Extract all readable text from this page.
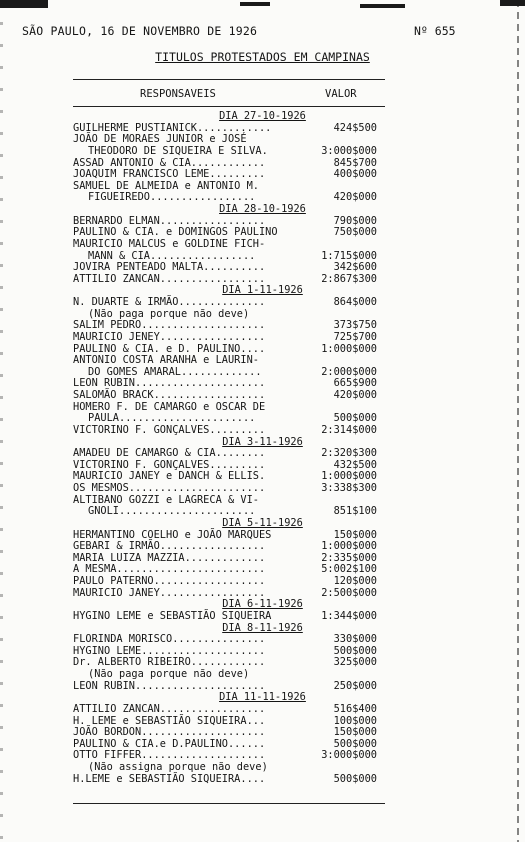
SÃO PAULO, 16 DE NOVEMBRO DE 1926	Nº 655
TITULOS PROTESTADOS EM CAMPINAS
RESPONSAVEIS	VALOR
DIA 27-10-1926
GUILHERME PUSTIANICK............	424$500
JOÃO DE MORAES JUNIOR e JOSÉ
THEODORO DE SIQUEIRA E SILVA.	3:000$000
ASSAD ANTONIO & CIA............	845$700
JOAQUIM FRANCISCO LEME.........	400$000
SAMUEL DE ALMEIDA e ANTONIO M.
FIGUEIREDO.................	420$000
DIA 28-10-1926
BERNARDO ELMAN.................	790$000
PAULINO & CIA. e DOMINGOS PAULINO	750$000
MAURICIO MALCUS e GOLDINE FICH-
MANN & CIA.................	1:715$000
JOVIRA PENTEADO MALTA..........	342$600
ATTILIO ZANCAN.................	2:867$300
DIA 1-11-1926
N. DUARTE & IRMÃO..............	864$000
(Não paga porque não deve)
SALIM PEDRO....................	373$750
MAURICIO JENEY.................	725$700
PAULINO & CIA. e D. PAULINO....	1:000$000
ANTONIO COSTA ARANHA e LAURIN-
DO GOMES AMARAL.............	2:000$000
LEON RUBIN.....................	665$900
SALOMÃO BRACK..................	420$000
HOMERO F. DE CAMARGO e OSCAR DE
PAULA......................	500$000
VICTORINO F. GONÇALVES.........	2:314$000
DIA 3-11-1926
AMADEU DE CAMARGO & CIA........	2:320$300
VICTORINO F. GONÇALVES.........	432$500
MAURICIO JANEY e DANCH & ELLIS.	1:000$000
OS MESMOS......................	3:338$300
ALTIBANO GOZZI e LAGRECA & VI-
GNOLI......................	851$100
DIA 5-11-1926
HERMANTINO COELHO e JOÃO MARQUES	150$000
GEBARI & IRMÃO.................	1:000$000
MARIA LUIZA MAZZIA.............	2:335$000
A MESMA........................	5:002$100
PAULO PATERNO..................	120$000
MAURICIO JANEY.................	2:500$000
DIA 6-11-1926
HYGINO LEME e SEBASTIÃO SIQUEIRA	1:344$000
DIA 8-11-1926
FLORINDA MORISCO...............	330$000
HYGINO LEME....................	500$000
Dr. ALBERTO RIBEIRO............	325$000
(Não paga porque não deve)
LEON RUBIN.....................	250$000
DIA 11-11-1926
ATTILIO ZANCAN.................	516$400
H. LEME e SEBASTIÃO SIQUEIRA...	100$000
JOÃO BORDON....................	150$000
PAULINO & CIA.e D.PAULINO......	500$000
OTTO FIFFER....................	3:000$000
(Não assigna porque não deve)
H.LEME e SEBASTIÃO SIQUEIRA....	500$000
